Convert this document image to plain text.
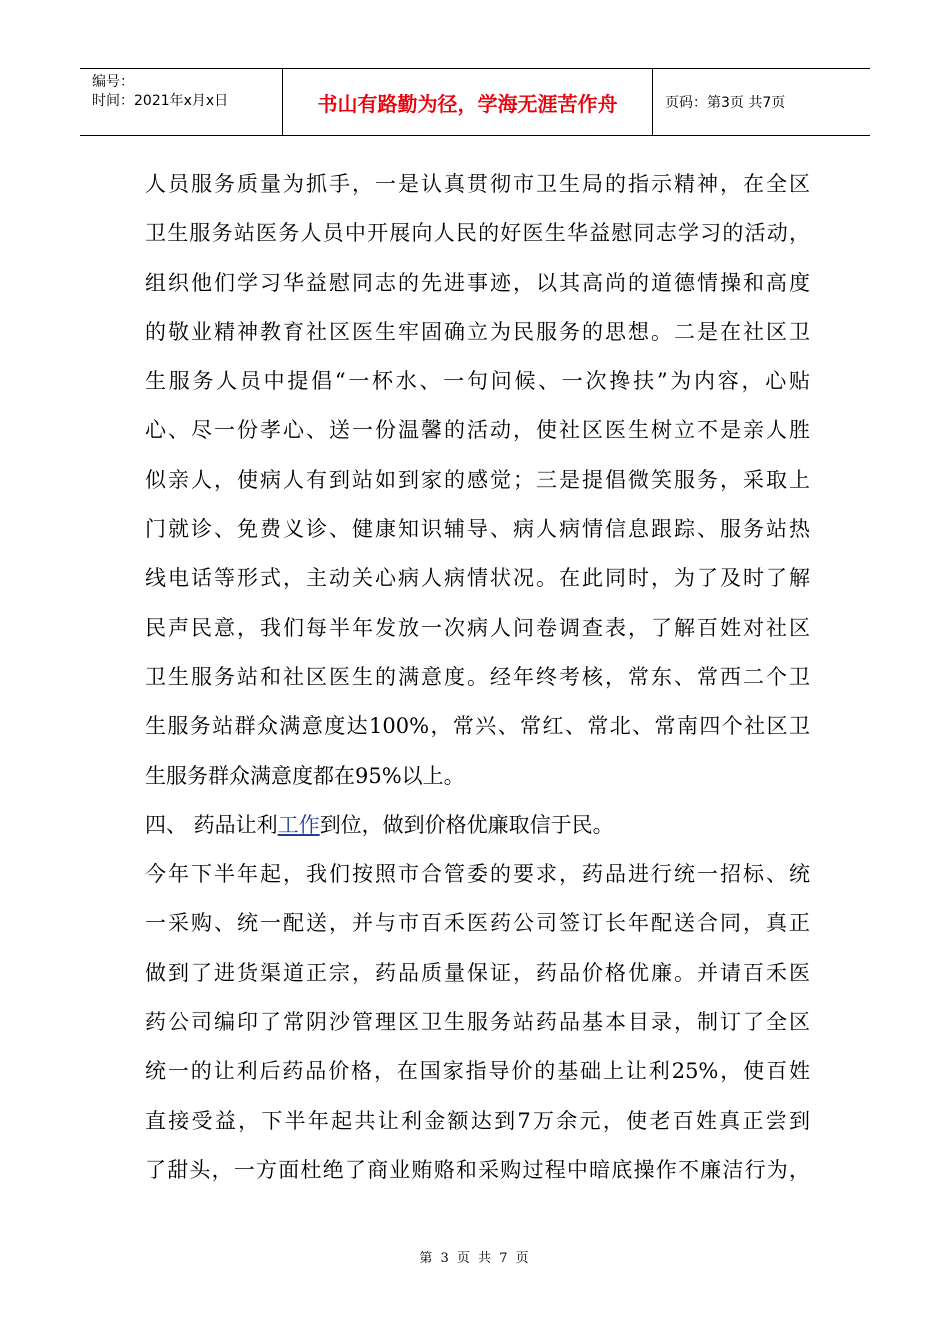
编号：
时间：2021年x月x日	书山有路勤为径，学海无涯苦作舟	页码：第3页 共7页
人员服务质量为抓手，一是认真贯彻市卫生局的指示精神，在全区
卫生服务站医务人员中开展向人民的好医生华益慰同志学习的活动，
组织他们学习华益慰同志的先进事迹，以其高尚的道德情操和高度
的敬业精神教育社区医生牢固确立为民服务的思想。二是在社区卫
生服务人员中提倡“一杯水、一句问候、一次搀扶”为内容，心贴
心、尽一份孝心、送一份温馨的活动，使社区医生树立不是亲人胜
似亲人，使病人有到站如到家的感觉；三是提倡微笑服务，采取上
门就诊、免费义诊、健康知识辅导、病人病情信息跟踪、服务站热
线电话等形式，主动关心病人病情状况。在此同时，为了及时了解
民声民意，我们每半年发放一次病人问卷调查表，了解百姓对社区
卫生服务站和社区医生的满意度。经年终考核，常东、常西二个卫
生服务站群众满意度达100%，常兴、常红、常北、常南四个社区卫
生服务群众满意度都在95%以上。
四、 药品让利工作到位，做到价格优廉取信于民。
今年下半年起，我们按照市合管委的要求，药品进行统一招标、统
一采购、统一配送，并与市百禾医药公司签订长年配送合同，真正
做到了进货渠道正宗，药品质量保证，药品价格优廉。并请百禾医
药公司编印了常阴沙管理区卫生服务站药品基本目录，制订了全区
统一的让利后药品价格，在国家指导价的基础上让利25%，使百姓
直接受益，下半年起共让利金额达到7万余元，使老百姓真正尝到
了甜头，一方面杜绝了商业贿赂和采购过程中暗底操作不廉洁行为，
第 3 页 共 7 页
